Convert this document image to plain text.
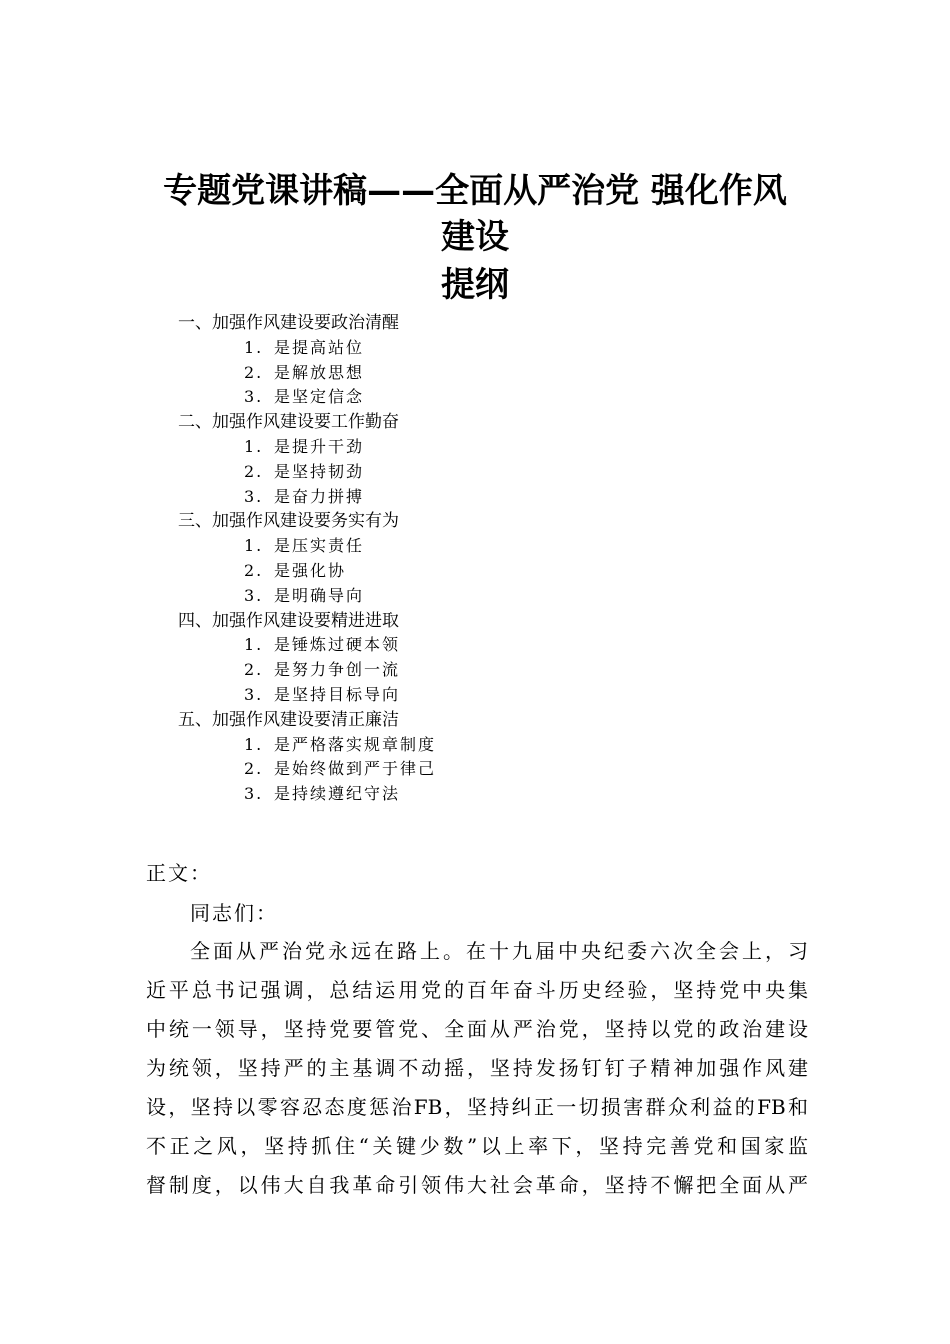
专题党课讲稿——全面从严治党 强化作风
建设
提纲
一、加强作风建设要政治清醒
1. 是提高站位
2. 是解放思想
3. 是坚定信念
二、加强作风建设要工作勤奋
1. 是提升干劲
2. 是坚持韧劲
3. 是奋力拼搏
三、加强作风建设要务实有为
1. 是压实责任
2. 是强化协
3. 是明确导向
四、加强作风建设要精进进取
1. 是锤炼过硬本领
2. 是努力争创一流
3. 是坚持目标导向
五、加强作风建设要清正廉洁
1. 是严格落实规章制度
2. 是始终做到严于律己
3. 是持续遵纪守法
正文：
同志们：
全面从严治党永远在路上。在十九届中央纪委六次全会上，习
近平总书记强调，总结运用党的百年奋斗历史经验，坚持党中央集
中统一领导，坚持党要管党、全面从严治党，坚持以党的政治建设
为统领，坚持严的主基调不动摇，坚持发扬钉钉子精神加强作风建
设，坚持以零容忍态度惩治FB，坚持纠正一切损害群众利益的FB和
不正之风，坚持抓住“关键少数”以上率下，坚持完善党和国家监
督制度，以伟大自我革命引领伟大社会革命，坚持不懈把全面从严
